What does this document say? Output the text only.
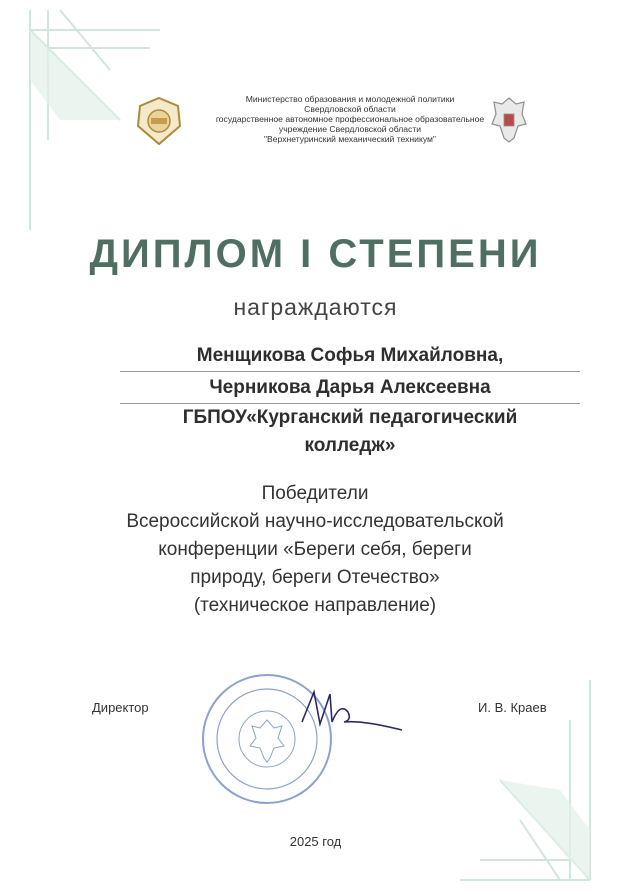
Министерство образования и молодежной политики
Свердловской области
государственное автономное профессиональное образовательное
учреждение Свердловской области
"Верхнетуринский механический техникум"
ДИПЛОМ I СТЕПЕНИ
награждаются
Менщикова Софья Михайловна,
Черникова Дарья Алексеевна
ГБПОУ«Курганский педагогический
колледж»
Победители
Всероссийской научно-исследовательской
конференции «Береги себя, береги
природу, береги Отечество»
(техническое направление)
Директор	И. В. Краев
2025 год
